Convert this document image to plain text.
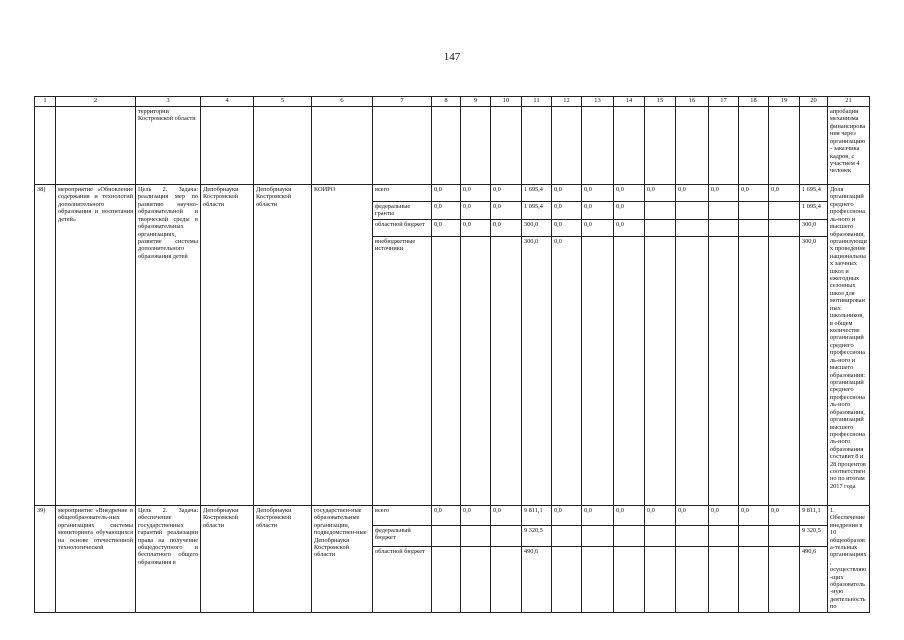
147
1	2	3	4	5	6	7	8	9	10	11	12	13	14	15	16	17	18	19	20	21
		территории Костромской области																		апробации механизма финансирования через организацию - заказчика кадров, с участием 4 человек
38)	мероприятие «Обновление содержания и технологий дополнительного образования и воспитания детей»	Цель 2. Задача: реализация мер по развитию научно-образовательной и творческой среды в образовательных организациях, развитие системы дополнительного образования детей	Депобрнауки Костромской области	Депобрнауки Костромской области	КОИРО	всего	0,0	0,0	0,0	1 695,4	0,0	0,0	0,0	0,0	0,0	0,0	0,0	0,0	1 695,4	Доля организаций среднего профессиональ-ного и высшего образования, организующих проведение национальных заочных школ и ежегодных сезонных школ для мотивированных школьников, в общем количестве организаций среднего профессиональ-ного и высшего образования: организаций среднего профессиональ-ного образования, организаций высшего профессиональ-ного образования составит 8 и 28 процентов соответственно по итогам 2017 года
						федеральные гранты	0,0	0,0	0,0	1 095,4	0,0	0,0	0,0						1 095,4	
						областной бюджет	0,0	0,0	0,0	300,0	0,0	0,0	0,0						300,0	
						внебюджетные источники				300,0	0,0								300,0	
39)	мероприятие «Внедрение в общеобразователь-ных организациях системы мониторинга обучающихся на основе отечественной технологической	Цель 2. Задача: обеспечение государственных гарантий реализации права на получение общедоступного и бесплатного общего образования в	Депобрнауки Костромской области	Депобрнауки Костромской области	государствен-ные образовательные организации, подведомствен-ные Депобрнауки Костромской области	всего	0,0	0,0	0,0	9 811,1	0,0	0,0	0,0	0,0	0,0	0,0	0,0	0,0	9 811,1	1. Обеспечение внедрения в 10 общеобразова-тельных организациях, осуществляю-щих образователь-ную деятельность по
						федеральный бюджет				9 320,5									9 320,5	
						областной бюджет				490,6									490,6	
